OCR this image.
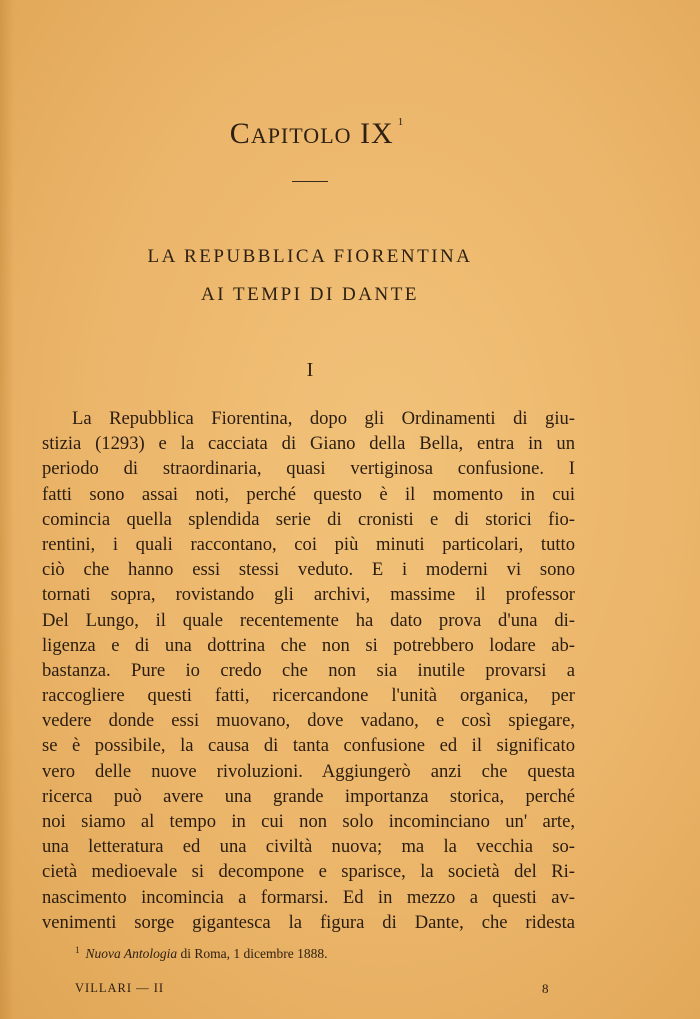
CAPITOLO IX $^1$
LA REPUBBLICA FIORENTINA
AI TEMPI DI DANTE
I
La Repubblica Fiorentina, dopo gli Ordinamenti di giu-
stizia (1293) e la cacciata di Giano della Bella, entra in un
periodo di straordinaria, quasi vertiginosa confusione. I
fatti sono assai noti, perché questo è il momento in cui
comincia quella splendida serie di cronisti e di storici fio-
rentini, i quali raccontano, coi più minuti particolari, tutto
ciò che hanno essi stessi veduto. E i moderni vi sono
tornati sopra, rovistando gli archivi, massime il professor
Del Lungo, il quale recentemente ha dato prova d'una di-
ligenza e di una dottrina che non si potrebbero lodare ab-
bastanza. Pure io credo che non sia inutile provarsi a
raccogliere questi fatti, ricercandone l'unità organica, per
vedere donde essi muovano, dove vadano, e così spiegare,
se è possibile, la causa di tanta confusione ed il significato
vero delle nuove rivoluzioni. Aggiungerò anzi che questa
ricerca può avere una grande importanza storica, perché
noi siamo al tempo in cui non solo incominciano un' arte,
una letteratura ed una civiltà nuova; ma la vecchia so-
cietà medioevale si decompone e sparisce, la società del Ri-
nascimento incomincia a formarsi. Ed in mezzo a questi av-
venimenti sorge gigantesca la figura di Dante, che ridesta
$^1$ Nuova Antologia di Roma, 1 dicembre 1888.
VILLARI — II	8
